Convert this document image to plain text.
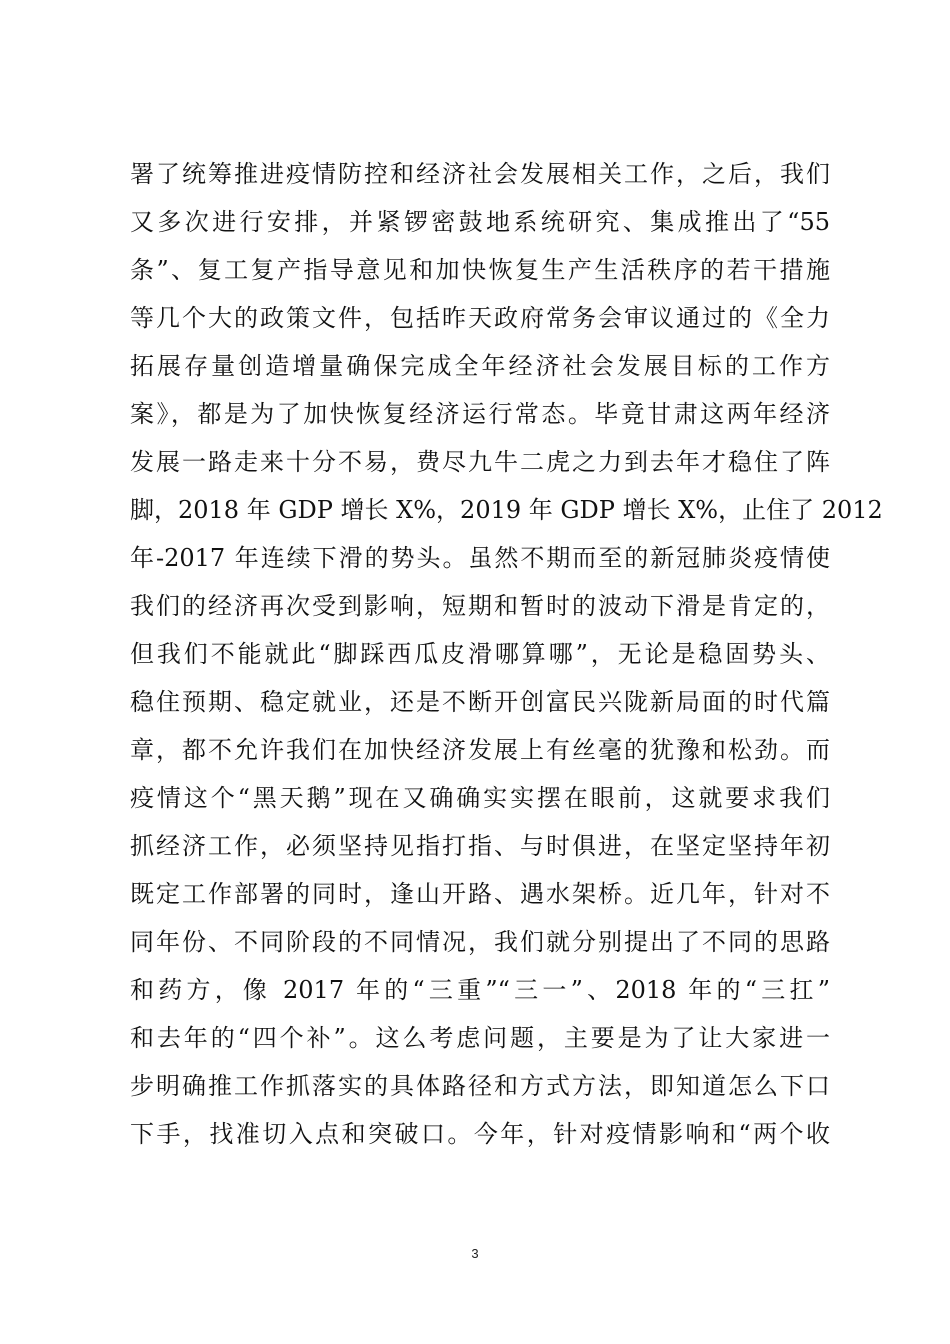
署了统筹推进疫情防控和经济社会发展相关工作，之后，我们
又多次进行安排，并紧锣密鼓地系统研究、集成推出了“55
条”、复工复产指导意见和加快恢复生产生活秩序的若干措施
等几个大的政策文件，包括昨天政府常务会审议通过的《全力
拓展存量创造增量确保完成全年经济社会发展目标的工作方
案》，都是为了加快恢复经济运行常态。毕竟甘肃这两年经济
发展一路走来十分不易，费尽九牛二虎之力到去年才稳住了阵
脚，2018 年 GDP 增长 X%，2019 年 GDP 增长 X%，止住了 2012
年-2017 年连续下滑的势头。虽然不期而至的新冠肺炎疫情使
我们的经济再次受到影响，短期和暂时的波动下滑是肯定的，
但我们不能就此“脚踩西瓜皮滑哪算哪”，无论是稳固势头、
稳住预期、稳定就业，还是不断开创富民兴陇新局面的时代篇
章，都不允许我们在加快经济发展上有丝毫的犹豫和松劲。而
疫情这个“黑天鹅”现在又确确实实摆在眼前，这就要求我们
抓经济工作，必须坚持见指打指、与时俱进，在坚定坚持年初
既定工作部署的同时，逢山开路、遇水架桥。近几年，针对不
同年份、不同阶段的不同情况，我们就分别提出了不同的思路
和药方，像 2017 年的“三重”“三一”、2018 年的“三扛”
和去年的“四个补”。这么考虑问题，主要是为了让大家进一
步明确推工作抓落实的具体路径和方式方法，即知道怎么下口
下手，找准切入点和突破口。今年，针对疫情影响和“两个收
3
